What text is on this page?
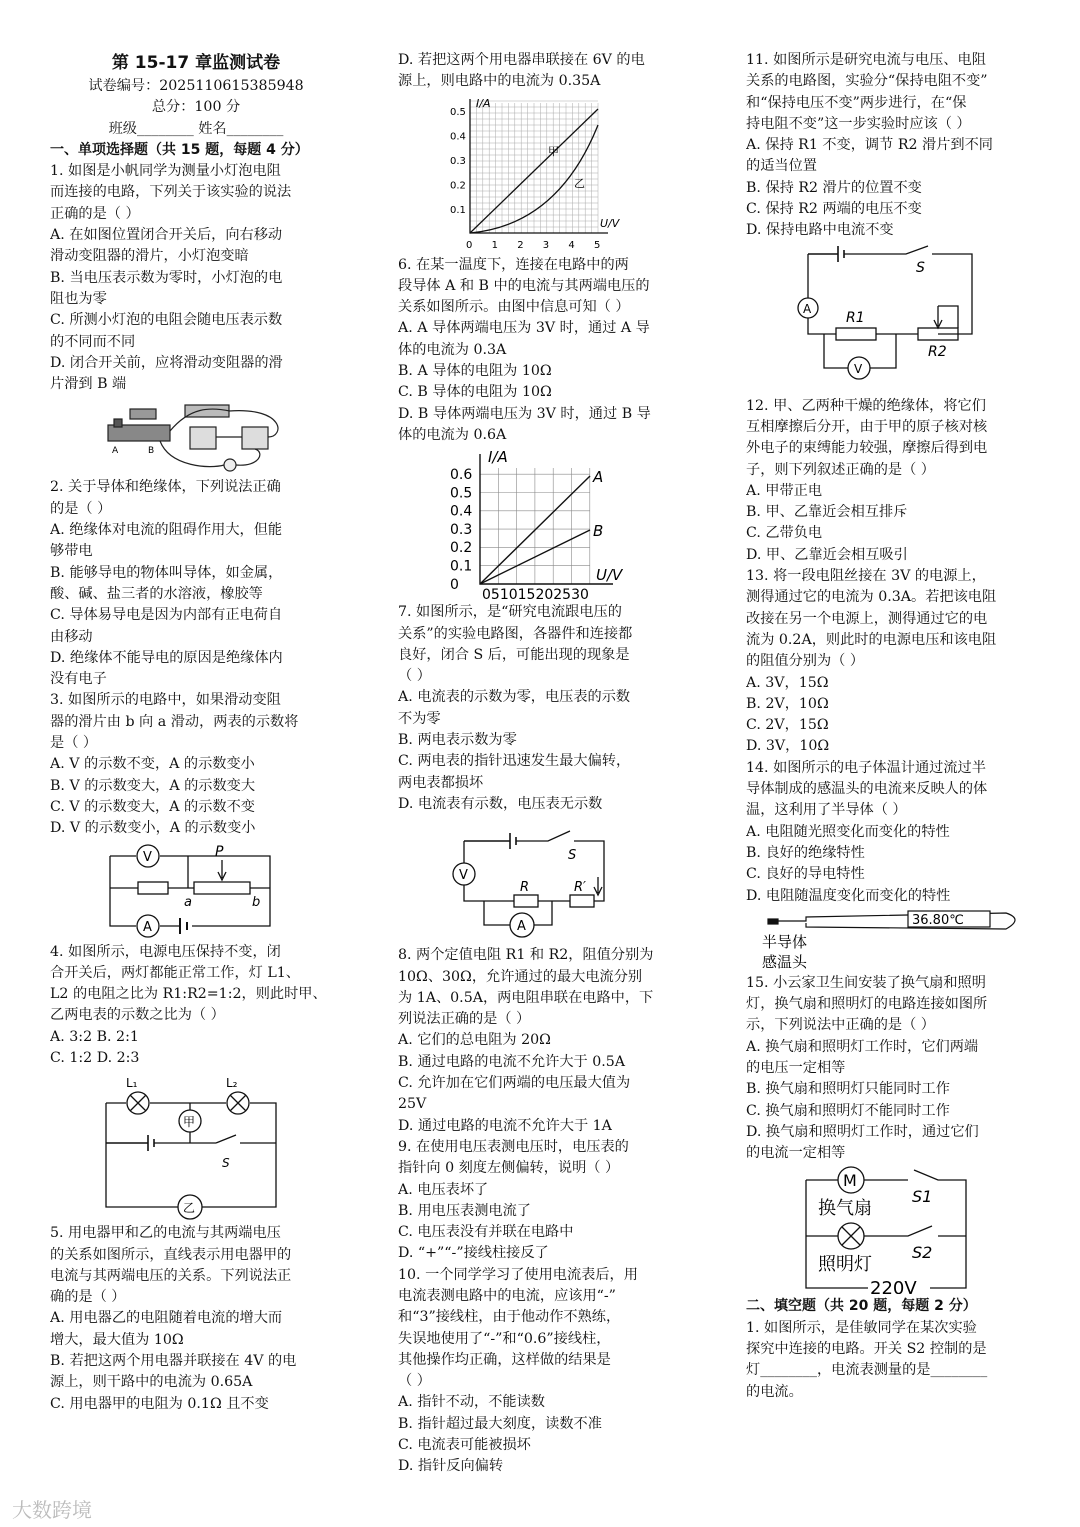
第 15-17 章监测试卷
试卷编号：2025110615385948
总分：100 分
班级________ 姓名________
一、单项选择题（共 15 题，每题 4 分）
1. 如图是小帆同学为测量小灯泡电阻
而连接的电路，下列关于该实验的说法
正确的是（ ）
A. 在如图位置闭合开关后，向右移动
滑动变阻器的滑片，小灯泡变暗
B. 当电压表示数为零时，小灯泡的电
阻也为零
C. 所测小灯泡的电阻会随电压表示数
的不同而不同
D. 闭合开关前，应将滑动变阻器的滑
片滑到 B 端
A	B
2. 关于导体和绝缘体，下列说法正确
的是（ ）
A. 绝缘体对电流的阻碍作用大，但能
够带电
B. 能够导电的物体叫导体，如金属，
酸、碱、盐三者的水溶液，橡胶等
C. 导体易导电是因为内部有正电荷自
由移动
D. 绝缘体不能导电的原因是绝缘体内
没有电子
3. 如图所示的电路中，如果滑动变阻
器的滑片由 b 向 a 滑动，两表的示数将
是（ ）
A. V 的示数不变，A 的示数变小
B. V 的示数变大，A 的示数变大
C. V 的示数变大，A 的示数不变
D. V 的示数变小，A 的示数变小
V
A
P
a	b
4. 如图所示，电源电压保持不变，闭
合开关后，两灯都能正常工作，灯 L1、
L2 的电阻之比为 R1:R2=1:2，则此时甲、
乙两电表的示数之比为（ ）
A. 3:2 B. 2:1
C. 1:2 D. 2:3
L₁	L₂
甲
乙
S
5. 用电器甲和乙的电流与其两端电压
的关系如图所示，直线表示用电器甲的
电流与其两端电压的关系。下列说法正
确的是（ ）
A. 用电器乙的电阻随着电流的增大而
增大，最大值为 10Ω
B. 若把这两个用电器并联接在 4V 的电
源上，则干路中的电流为 0.65A
C. 用电器甲的电阻为 0.1Ω 且不变
D. 若把这两个用电器串联接在 6V 的电
源上，则电路中的电流为 0.35A
I/A
U/V
0.5
0.4
0.3
0.2
0.1
0 1 2 3 4 5
甲
乙
6. 在某一温度下，连接在电路中的两
段导体 A 和 B 中的电流与其两端电压的
关系如图所示。由图中信息可知（ ）
A. A 导体两端电压为 3V 时，通过 A 导
体的电流为 0.3A
B. A 导体的电阻为 10Ω
C. B 导体的电阻为 10Ω
D. B 导体两端电压为 3V 时，通过 B 导
体的电流为 0.6A
I/A
U/V
0.6
0.5
0.4
0.3
0.2
0.1
0
051015202530
A
B
7. 如图所示，是“研究电流跟电压的
关系”的实验电路图，各器件和连接都
良好，闭合 S 后，可能出现的现象是
（ ）
A. 电流表的示数为零，电压表的示数
不为零
B. 两电表示数为零
C. 两电表的指针迅速发生最大偏转，
两电表都损坏
D. 电流表有示数，电压表无示数
V
S
R	R′
A
8. 两个定值电阻 R1 和 R2，阻值分别为
10Ω、30Ω，允许通过的最大电流分别
为 1A、0.5A，两电阻串联在电路中，下
列说法正确的是（ ）
A. 它们的总电阻为 20Ω
B. 通过电路的电流不允许大于 0.5A
C. 允许加在它们两端的电压最大值为
25V
D. 通过电路的电流不允许大于 1A
9. 在使用电压表测电压时，电压表的
指针向 0 刻度左侧偏转，说明（ ）
A. 电压表坏了
B. 用电压表测电流了
C. 电压表没有并联在电路中
D. “+”“-”接线柱接反了
10. 一个同学学习了使用电流表后，用
电流表测电路中的电流，应该用“-”
和“3”接线柱，由于他动作不熟练，
失误地使用了“-”和“0.6”接线柱，
其他操作均正确，这样做的结果是
（ ）
A. 指针不动，不能读数
B. 指针超过最大刻度，读数不准
C. 电流表可能被损坏
D. 指针反向偏转
11. 如图所示是研究电流与电压、电阻
关系的电路图，实验分“保持电阻不变”
和“保持电压不变”两步进行，在“保
持电阻不变”这一步实验时应该（ ）
A. 保持 R1 不变，调节 R2 滑片到不同
的适当位置
B. 保持 R2 滑片的位置不变
C. 保持 R2 两端的电压不变
D. 保持电路中电流不变
S
A
R1
R2
V
12. 甲、乙两种干燥的绝缘体，将它们
互相摩擦后分开，由于甲的原子核对核
外电子的束缚能力较强，摩擦后得到电
子，则下列叙述正确的是（ ）
A. 甲带正电
B. 甲、乙靠近会相互排斥
C. 乙带负电
D. 甲、乙靠近会相互吸引
13. 将一段电阻丝接在 3V 的电源上，
测得通过它的电流为 0.3A。若把该电阻
改接在另一个电源上，测得通过它的电
流为 0.2A，则此时的电源电压和该电阻
的阻值分别为（ ）
A. 3V，15Ω
B. 2V，10Ω
C. 2V，15Ω
D. 3V，10Ω
14. 如图所示的电子体温计通过流过半
导体制成的感温头的电流来反映人的体
温，这利用了半导体（ ）
A. 电阻随光照变化而变化的特性
B. 良好的绝缘特性
C. 良好的导电特性
D. 电阻随温度变化而变化的特性
36.80℃
半导体
感温头
15. 小云家卫生间安装了换气扇和照明
灯，换气扇和照明灯的电路连接如图所
示，下列说法中正确的是（ ）
A. 换气扇和照明灯工作时，它们两端
的电压一定相等
B. 换气扇和照明灯只能同时工作
C. 换气扇和照明灯不能同时工作
D. 换气扇和照明灯工作时，通过它们
的电流一定相等
M
换气扇
照明灯
S1
S2
220V
二、填空题（共 20 题，每题 2 分）
1. 如图所示，是佳敏同学在某次实验
探究中连接的电路。开关 S2 控制的是
灯________，电流表测量的是________
的电流。
大数跨境
